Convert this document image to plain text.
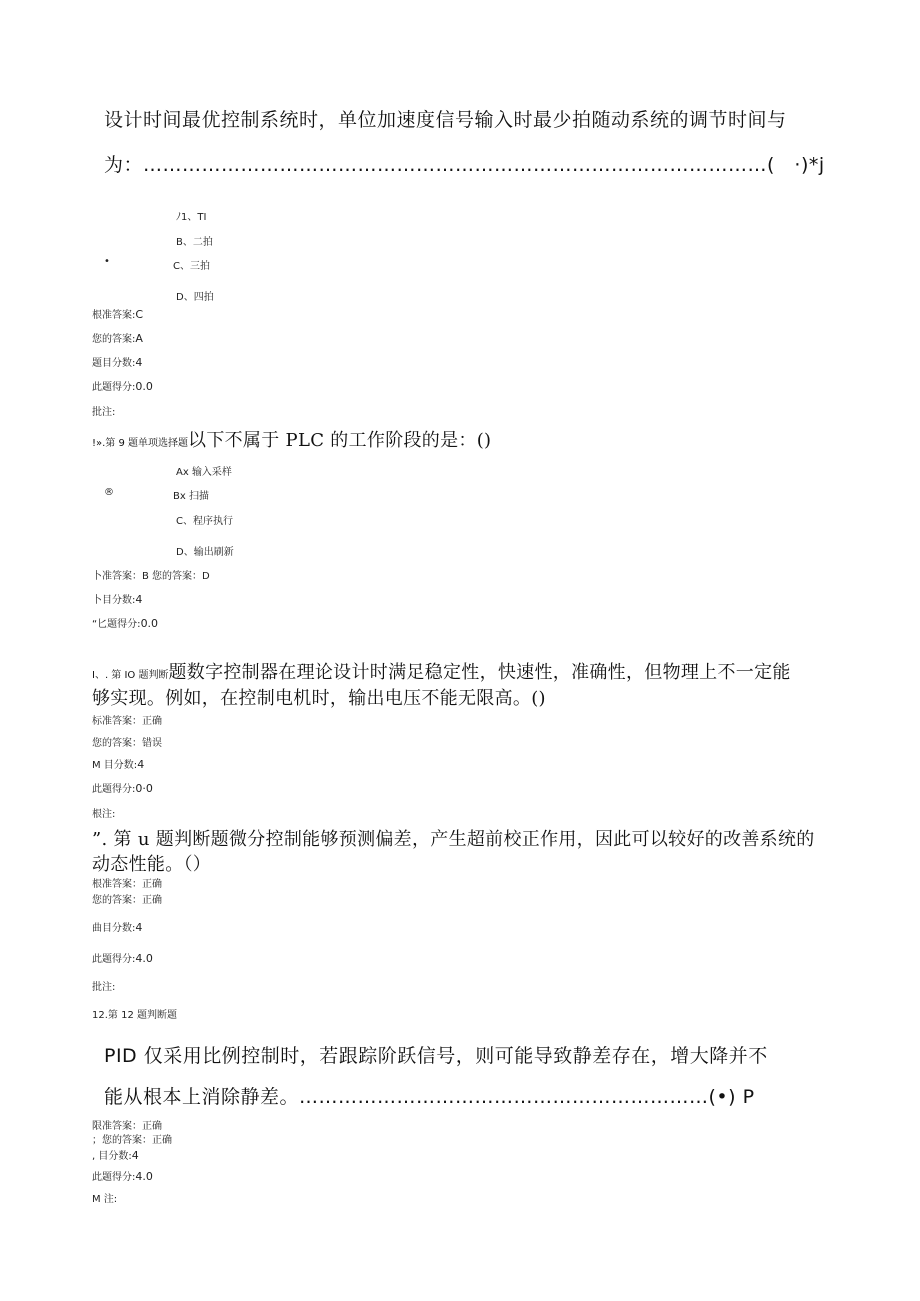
设计时间最优控制系统时，单位加速度信号输入时最少拍随动系统的调节时间与
为：……………………………………………………………………………………(　·)*j
ﾉ1、TI
B、二拍
•	C、三拍
D、四拍
根准答案:C
您的答案:A
题目分数:4
此题得分:0.0
批注:
!».第 9 题单项选择题以下不属于 PLC 的工作阶段的是：()
Ax 输入采样
®	Bx 扫描
C、程序执行
D、输出刷新
卜准答案：B 您的答案：D
卜目分数:4
“匕题得分:0.0
I、. 第 IO 题判断题数字控制器在理论设计时满足稳定性，快速性，准确性，但物理上不一定能
够实现。例如，在控制电机时，输出电压不能无限高。()
标准答案：正确
您的答案：错误
M 目分数:4
此题得分:0·0
根注:
”. 第 u 题判断题微分控制能够预测偏差，产生超前校正作用，因此可以较好的改善系统的
动态性能。（）
根准答案：正确
您的答案：正确
曲目分数:4
此题得分:4.0
批注:
12.第 12 题判断题
PID 仅采用比例控制时，若跟踪阶跃信号，则可能导致静差存在，增大降并不
能从根本上消除静差。………………………………………………………(•) P
限准答案：正确
；您的答案：正确
, 目分数:4
此题得分:4.0
M 注:
